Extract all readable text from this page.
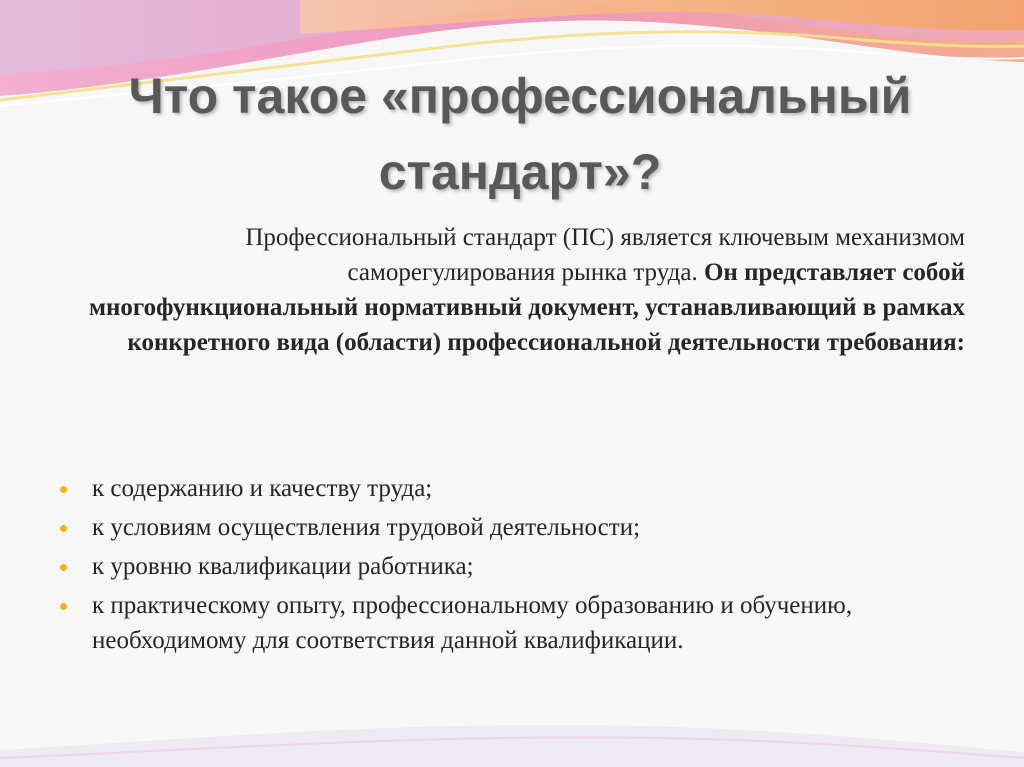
Что такое «профессиональный стандарт»?
Профессиональный стандарт (ПС) является ключевым механизмом саморегулирования рынка труда. Он представляет собой многофункциональный нормативный документ, устанавливающий в рамках конкретного вида (области) профессиональной деятельности требования:
к содержанию и качеству труда;
к условиям осуществления трудовой деятельности;
к уровню квалификации работника;
к практическому опыту, профессиональному образованию и обучению, необходимому для соответствия данной квалификации.
